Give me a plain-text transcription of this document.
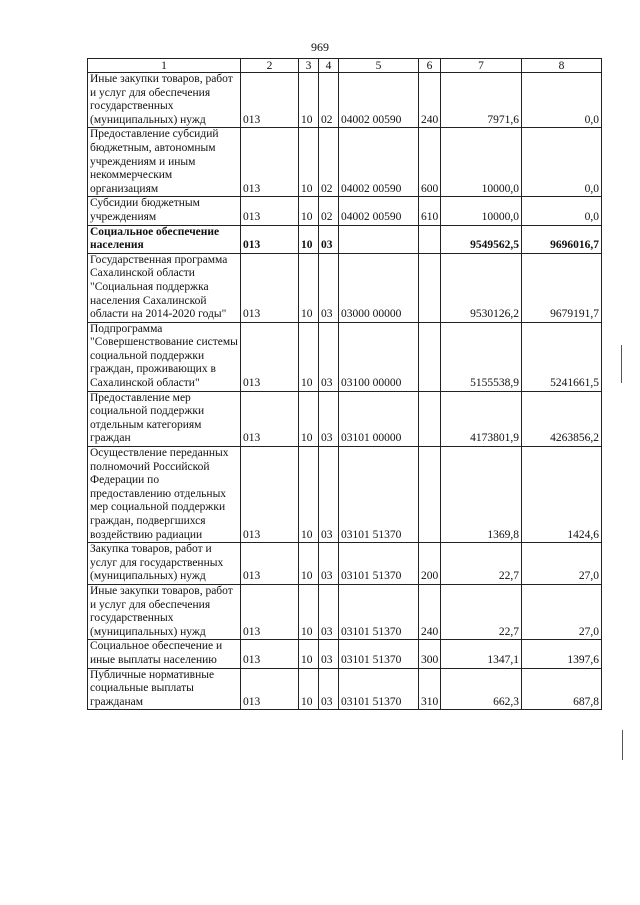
969
1	2	3	4	5	6	7	8
Иные закупки товаров, работ и услуг для обеспечения государственных (муниципальных) нужд	013	10	02	04002 00590	240	7971,6	0,0
Предоставление субсидий бюджетным, автономным учреждениям и иным некоммерческим организациям	013	10	02	04002 00590	600	10000,0	0,0
Субсидии бюджетным учреждениям	013	10	02	04002 00590	610	10000,0	0,0
Социальное обеспечение населения	013	10	03			9549562,5	9696016,7
Государственная программа Сахалинской области "Социальная поддержка населения Сахалинской области на 2014-2020 годы"	013	10	03	03000 00000		9530126,2	9679191,7
Подпрограмма "Совершенствование системы социальной поддержки граждан, проживающих в Сахалинской области"	013	10	03	03100 00000		5155538,9	5241661,5
Предоставление мер социальной поддержки отдельным категориям граждан	013	10	03	03101 00000		4173801,9	4263856,2
Осуществление переданных полномочий Российской Федерации по предоставлению отдельных мер социальной поддержки граждан, подвергшихся воздействию радиации	013	10	03	03101 51370		1369,8	1424,6
Закупка товаров, работ и услуг для государственных (муниципальных) нужд	013	10	03	03101 51370	200	22,7	27,0
Иные закупки товаров, работ и услуг для обеспечения государственных (муниципальных) нужд	013	10	03	03101 51370	240	22,7	27,0
Социальное обеспечение и иные выплаты населению	013	10	03	03101 51370	300	1347,1	1397,6
Публичные нормативные социальные выплаты гражданам	013	10	03	03101 51370	310	662,3	687,8
